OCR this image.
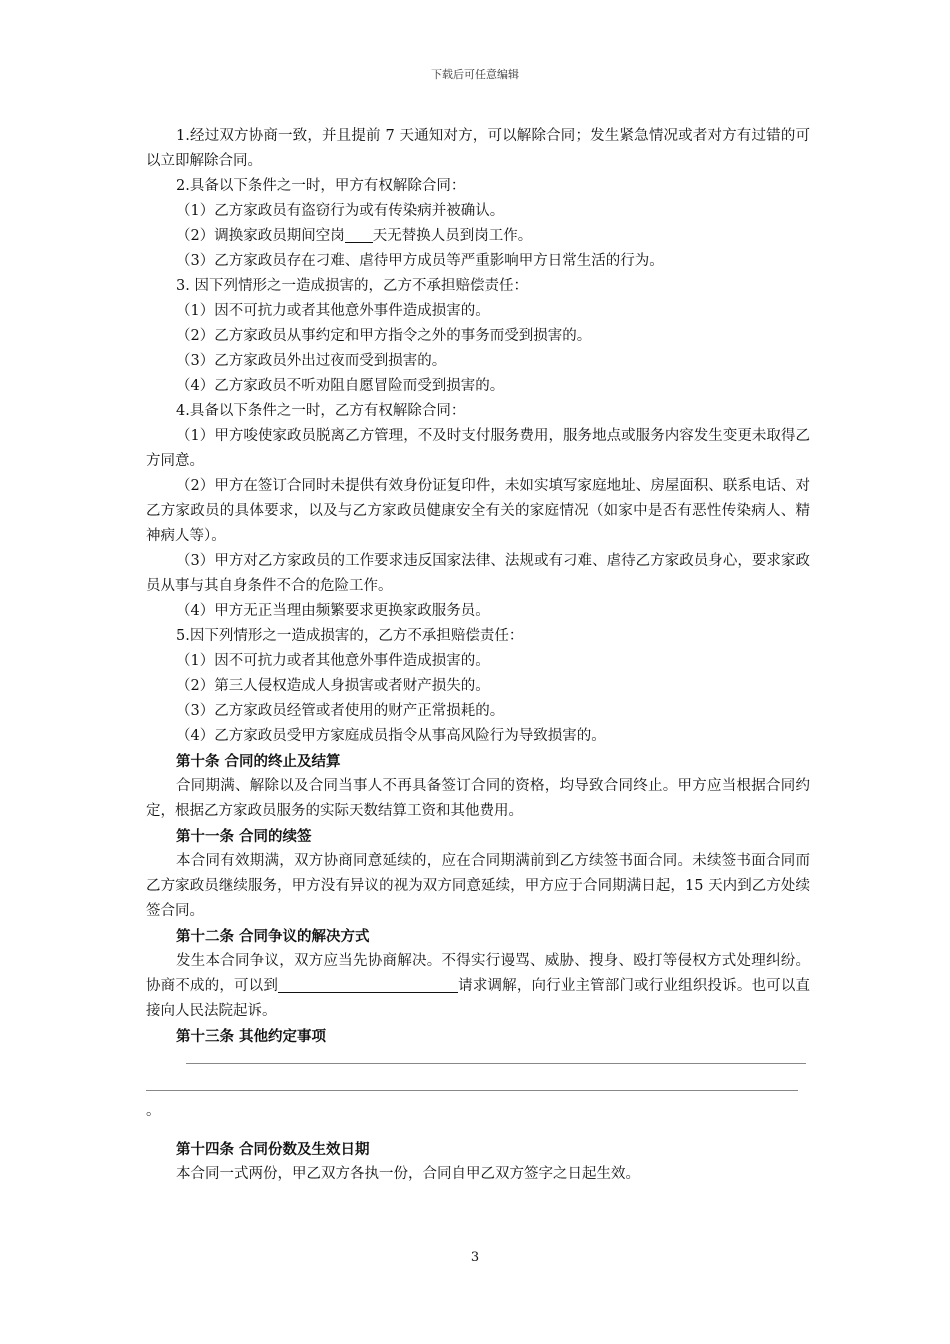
下载后可任意编辑

1.经过双方协商一致，并且提前 7 天通知对方，可以解除合同；发生紧急情况或者对方有过错的可以立即解除合同。

2.具备以下条件之一时，甲方有权解除合同：

（1）乙方家政员有盗窃行为或有传染病并被确认。

（2）调换家政员期间空岗 天无替换人员到岗工作。

（3）乙方家政员存在刁难、虐待甲方成员等严重影响甲方日常生活的行为。

3. 因下列情形之一造成损害的，乙方不承担赔偿责任：

（1）因不可抗力或者其他意外事件造成损害的。

（2）乙方家政员从事约定和甲方指令之外的事务而受到损害的。

（3）乙方家政员外出过夜而受到损害的。

（4）乙方家政员不听劝阻自愿冒险而受到损害的。

4.具备以下条件之一时，乙方有权解除合同：

（1）甲方唆使家政员脱离乙方管理，不及时支付服务费用，服务地点或服务内容发生变更未取得乙方同意。

（2）甲方在签订合同时未提供有效身份证复印件，未如实填写家庭地址、房屋面积、联系电话、对乙方家政员的具体要求，以及与乙方家政员健康安全有关的家庭情况（如家中是否有恶性传染病人、精神病人等）。

（3）甲方对乙方家政员的工作要求违反国家法律、法规或有刁难、虐待乙方家政员身心，要求家政员从事与其自身条件不合的危险工作。

（4）甲方无正当理由频繁要求更换家政服务员。

5.因下列情形之一造成损害的，乙方不承担赔偿责任：

（1）因不可抗力或者其他意外事件造成损害的。

（2）第三人侵权造成人身损害或者财产损失的。

（3）乙方家政员经管或者使用的财产正常损耗的。

（4）乙方家政员受甲方家庭成员指令从事高风险行为导致损害的。

第十条 合同的终止及结算

合同期满、解除以及合同当事人不再具备签订合同的资格，均导致合同终止。甲方应当根据合同约定，根据乙方家政员服务的实际天数结算工资和其他费用。

第十一条 合同的续签

本合同有效期满，双方协商同意延续的，应在合同期满前到乙方续签书面合同。未续签书面合同而乙方家政员继续服务，甲方没有异议的视为双方同意延续，甲方应于合同期满日起，15 天内到乙方处续签合同。

第十二条 合同争议的解决方式

发生本合同争议，双方应当先协商解决。不得实行谩骂、威胁、搜身、殴打等侵权方式处理纠纷。协商不成的，可以到	请求调解，向行业主管部门或行业组织投诉。也可以直接向人民法院起诉。

第十三条 其他约定事项

。

第十四条 合同份数及生效日期

本合同一式两份，甲乙双方各执一份，合同自甲乙双方签字之日起生效。

3
